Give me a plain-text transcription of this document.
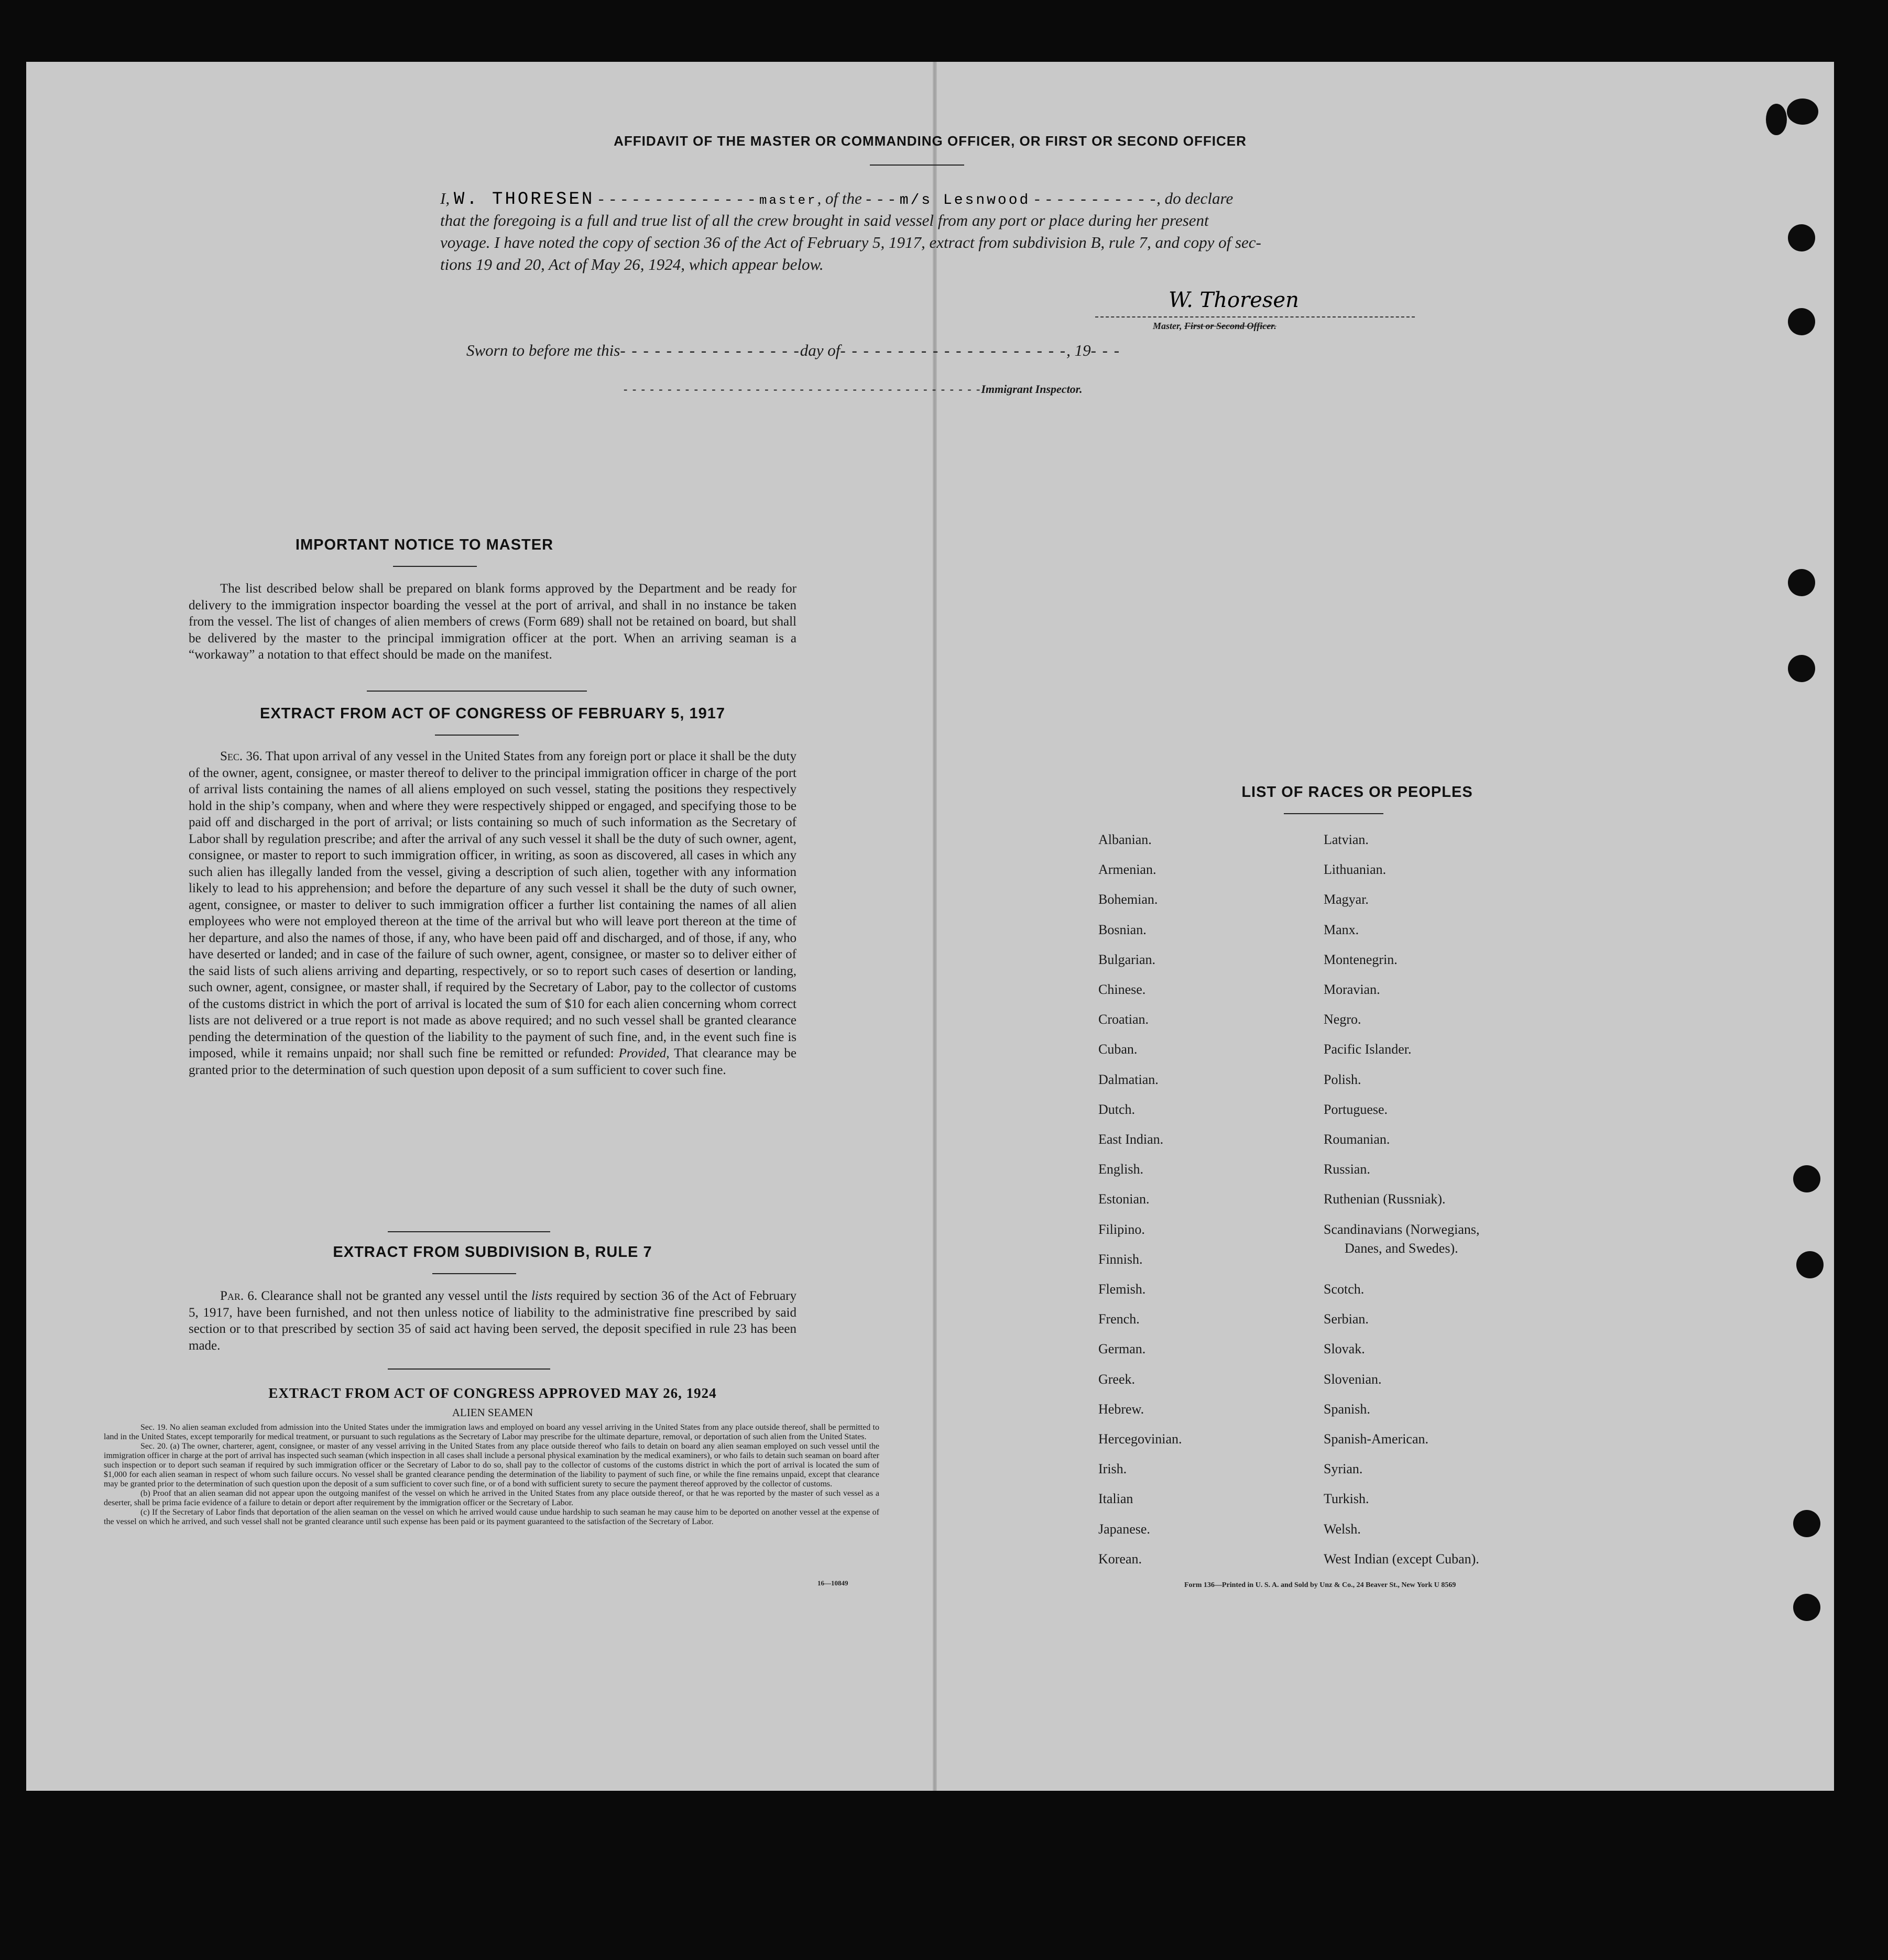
AFFIDAVIT OF THE MASTER OR COMMANDING OFFICER, OR FIRST OR SECOND OFFICER
I, W. THORESEN - - - - - - - - - - - - - - master, of the - - - m/s Lesnwood - - - - - - - - - - -, do declare
that the foregoing is a full and true list of all the crew brought in said vessel from any port or place during her present
voyage. I have noted the copy of section 36 of the Act of February 5, 1917, extract from subdivision B, rule 7, and copy of sec-
tions 19 and 20, Act of May 26, 1924, which appear below.
W. Thoresen
Master, First or Second Officer.
Sworn to before me this- - - - - - - - - - - - - - - -day of- - - - - - - - - - - - - - - - - - - -, 19- - -
- - - - - - - - - - - - - - - - - - - - - - - - - - - - - - - - - - - - - - - - -Immigrant Inspector.
IMPORTANT NOTICE TO MASTER
The list described below shall be prepared on blank forms approved by the Department and be ready for delivery to the immigration inspector boarding the vessel at the port of arrival, and shall in no instance be taken from the vessel. The list of changes of alien members of crews (Form 689) shall not be retained on board, but shall be delivered by the master to the principal immigration officer at the port. When an arriving seaman is a “workaway” a notation to that effect should be made on the manifest.
EXTRACT FROM ACT OF CONGRESS OF FEBRUARY 5, 1917
Sec. 36. That upon arrival of any vessel in the United States from any foreign port or place it shall be the duty of the owner, agent, consignee, or master thereof to deliver to the principal immigration officer in charge of the port of arrival lists containing the names of all aliens employed on such vessel, stating the positions they respectively hold in the ship’s company, when and where they were respectively shipped or engaged, and specifying those to be paid off and discharged in the port of arrival; or lists containing so much of such information as the Secretary of Labor shall by regulation prescribe; and after the arrival of any such vessel it shall be the duty of such owner, agent, consignee, or master to report to such immigration officer, in writing, as soon as discovered, all cases in which any such alien has illegally landed from the vessel, giving a description of such alien, together with any information likely to lead to his apprehension; and before the departure of any such vessel it shall be the duty of such owner, agent, consignee, or master to deliver to such immigration officer a further list containing the names of all alien employees who were not employed thereon at the time of the arrival but who will leave port thereon at the time of her departure, and also the names of those, if any, who have been paid off and discharged, and of those, if any, who have deserted or landed; and in case of the failure of such owner, agent, consignee, or master so to deliver either of the said lists of such aliens arriving and departing, respectively, or so to report such cases of desertion or landing, such owner, agent, consignee, or master shall, if required by the Secretary of Labor, pay to the collector of customs of the customs district in which the port of arrival is located the sum of $10 for each alien concerning whom correct lists are not delivered or a true report is not made as above required; and no such vessel shall be granted clearance pending the determination of the question of the liability to the payment of such fine, and, in the event such fine is imposed, while it remains unpaid; nor shall such fine be remitted or refunded: Provided, That clearance may be granted prior to the determination of such question upon deposit of a sum sufficient to cover such fine.
EXTRACT FROM SUBDIVISION B, RULE 7
Par. 6. Clearance shall not be granted any vessel until the lists required by section 36 of the Act of February 5, 1917, have been furnished, and not then unless notice of liability to the administrative fine prescribed by said section or to that prescribed by section 35 of said act having been served, the deposit specified in rule 23 has been made.
EXTRACT FROM ACT OF CONGRESS APPROVED MAY 26, 1924
ALIEN SEAMEN

Sec. 19. No alien seaman excluded from admission into the United States under the immigration laws and employed on board any vessel arriving in the United States from any place outside thereof, shall be permitted to land in the United States, except temporarily for medical treatment, or pursuant to such regulations as the Secretary of Labor may prescribe for the ultimate departure, removal, or deportation of such alien from the United States.

Sec. 20. (a) The owner, charterer, agent, consignee, or master of any vessel arriving in the United States from any place outside thereof who fails to detain on board any alien seaman employed on such vessel until the immigration officer in charge at the port of arrival has inspected such seaman (which inspection in all cases shall include a personal physical examination by the medical examiners), or who fails to detain such seaman on board after such inspection or to deport such seaman if required by such immigration officer or the Secretary of Labor to do so, shall pay to the collector of customs of the customs district in which the port of arrival is located the sum of $1,000 for each alien seaman in respect of whom such failure occurs. No vessel shall be granted clearance pending the determination of the liability to payment of such fine, or while the fine remains unpaid, except that clearance may be granted prior to the determination of such question upon the deposit of a sum sufficient to cover such fine, or of a bond with sufficient surety to secure the payment thereof approved by the collector of customs.

(b) Proof that an alien seaman did not appear upon the outgoing manifest of the vessel on which he arrived in the United States from any place outside thereof, or that he was reported by the master of such vessel as a deserter, shall be prima facie evidence of a failure to detain or deport after requirement by the immigration officer or the Secretary of Labor.

(c) If the Secretary of Labor finds that deportation of the alien seaman on the vessel on which he arrived would cause undue hardship to such seaman he may cause him to be deported on another vessel at the expense of the vessel on which he arrived, and such vessel shall not be granted clearance until such expense has been paid or its payment guaranteed to the satisfaction of the Secretary of Labor.

16—10849
LIST OF RACES OR PEOPLES
Albanian.
Armenian.
Bohemian.
Bosnian.
Bulgarian.
Chinese.
Croatian.
Cuban.
Dalmatian.
Dutch.
East Indian.
English.
Estonian.
Filipino.
Finnish.
Flemish.
French.
German.
Greek.
Hebrew.
Hercegovinian.
Irish.
Italian
Japanese.
Korean.
Latvian.
Lithuanian.
Magyar.
Manx.
Montenegrin.
Moravian.
Negro.
Pacific Islander.
Polish.
Portuguese.
Roumanian.
Russian.
Ruthenian (Russniak).
Scandinavians (Norwegians,
Danes, and Swedes).
Scotch.
Serbian.
Slovak.
Slovenian.
Spanish.
Spanish-American.
Syrian.
Turkish.
Welsh.
West Indian (except Cuban).
Form 136—Printed in U. S. A. and Sold by Unz & Co., 24 Beaver St., New York U 8569
